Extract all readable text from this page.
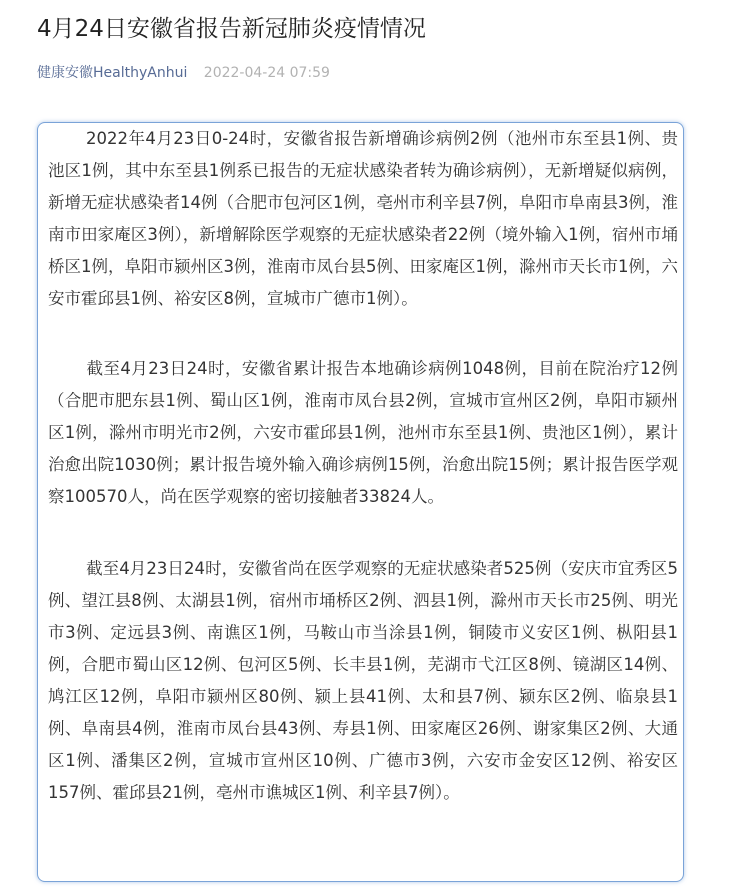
4月24日安徽省报告新冠肺炎疫情情况
健康安徽HealthyAnhui 2022-04-24 07:59

2022年4月23日0-24时，安徽省报告新增确诊病例2例（池州市东至县1例、贵池区1例，其中东至县1例系已报告的无症状感染者转为确诊病例），无新增疑似病例，新增无症状感染者14例（合肥市包河区1例，亳州市利辛县7例，阜阳市阜南县3例，淮南市田家庵区3例），新增解除医学观察的无症状感染者22例（境外输入1例，宿州市埇桥区1例，阜阳市颍州区3例，淮南市凤台县5例、田家庵区1例，滁州市天长市1例，六安市霍邱县1例、裕安区8例，宣城市广德市1例）。

截至4月23日24时，安徽省累计报告本地确诊病例1048例，目前在院治疗12例（合肥市肥东县1例、蜀山区1例，淮南市凤台县2例，宣城市宣州区2例，阜阳市颍州区1例，滁州市明光市2例，六安市霍邱县1例，池州市东至县1例、贵池区1例），累计治愈出院1030例；累计报告境外输入确诊病例15例，治愈出院15例；累计报告医学观察100570人，尚在医学观察的密切接触者33824人。

截至4月23日24时，安徽省尚在医学观察的无症状感染者525例（安庆市宜秀区5例、望江县8例、太湖县1例，宿州市埇桥区2例、泗县1例，滁州市天长市25例、明光市3例、定远县3例、南谯区1例，马鞍山市当涂县1例，铜陵市义安区1例、枞阳县1例，合肥市蜀山区12例、包河区5例、长丰县1例，芜湖市弋江区8例、镜湖区14例、鸠江区12例，阜阳市颍州区80例、颍上县41例、太和县7例、颍东区2例、临泉县1例、阜南县4例，淮南市凤台县43例、寿县1例、田家庵区26例、谢家集区2例、大通区1例、潘集区2例，宣城市宣州区10例、广德市3例，六安市金安区12例、裕安区157例、霍邱县21例，亳州市谯城区1例、利辛县7例）。
